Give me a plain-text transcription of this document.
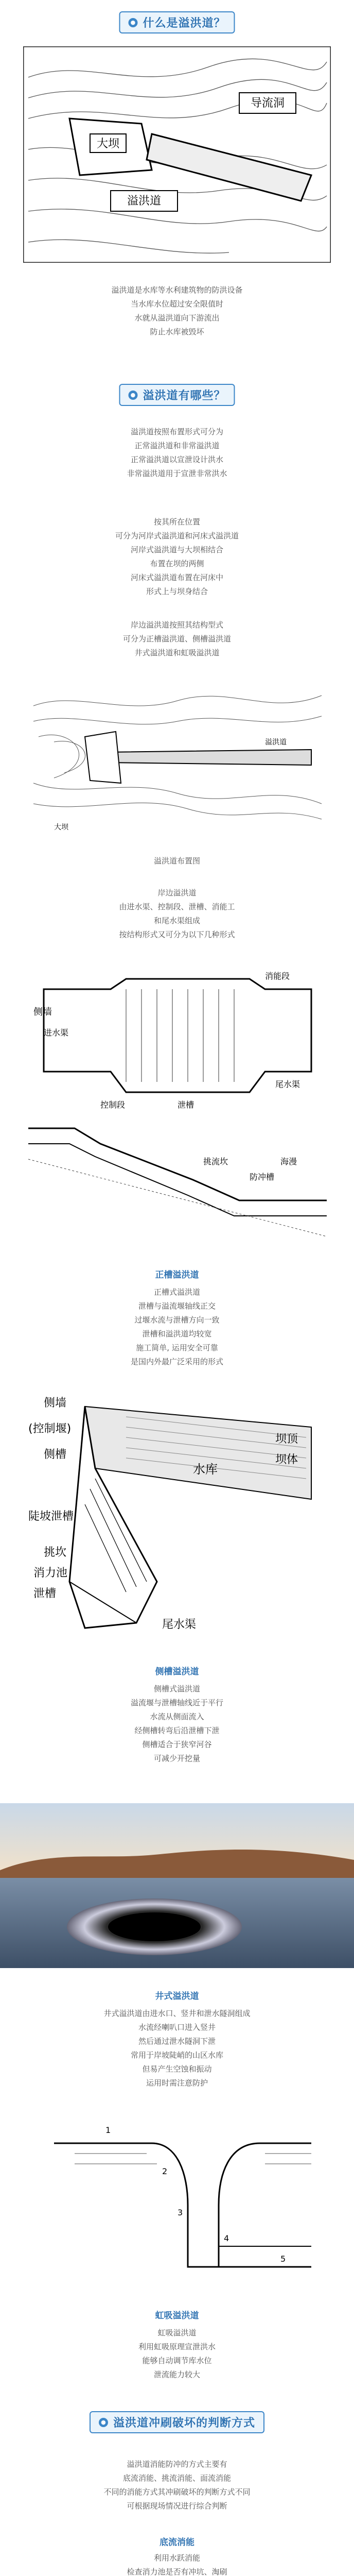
● 什么是溢洪道？
大坝
溢洪道
导流洞
溢洪道是水库等水利建筑物的防洪设备
当水库水位超过安全限值时
水就从溢洪道向下游流出
防止水库被毁坏
● 溢洪道有哪些？
溢洪道按照布置形式可分为
正常溢洪道和非常溢洪道
正常溢洪道以宣泄设计洪水
非常溢洪道用于宣泄非常洪水
按其所在位置
可分为河岸式溢洪道和河床式溢洪道
河岸式溢洪道与大坝相结合
布置在坝的两侧
河床式溢洪道布置在河床中
形式上与坝身结合
岸边溢洪道按照其结构型式
可分为正槽溢洪道、侧槽溢洪道
井式溢洪道和虹吸溢洪道
溢洪道
大坝
溢洪道布置图
岸边溢洪道
由进水渠、控制段、泄槽、消能工
和尾水渠组成
按结构形式又可分为以下几种形式
侧墙
进水渠
控制段	泄槽
消能段
尾水渠
海漫
防冲槽
挑流坎
正槽溢洪道
正槽式溢洪道
泄槽与溢流堰轴线正交
过堰水流与泄槽方向一致
泄槽和溢洪道均较宽
施工简单, 运用安全可靠
是国内外最广泛采用的形式
侧墙
(控制堰)
侧槽
陡坡泄槽
挑坎
消力池
泄槽
水库
坝顶
坝体
尾水渠
侧槽溢洪道
侧槽式溢洪道
溢流堰与泄槽轴线近于平行
水流从侧面流入
经侧槽转弯后沿泄槽下泄
侧槽适合于狭窄河谷
可减少开挖量
井式溢洪道
井式溢洪道由进水口、竖井和泄水隧洞组成
水流经喇叭口进入竖井
然后通过泄水隧洞下泄
常用于岸坡陡峭的山区水库
但易产生空蚀和振动
运用时需注意防护
1
2
3
4
5
虹吸溢洪道
虹吸溢洪道
利用虹吸原理宣泄洪水
能够自动调节库水位
泄流能力较大
● 溢洪道冲刷破坏的判断方式
溢洪道消能防冲的方式主要有
底流消能、挑流消能、面流消能
不同的消能方式其冲刷破坏的判断方式不同
可根据现场情况进行综合判断
底流消能
利用水跃消能
检查消力池是否有冲坑、淘刷
